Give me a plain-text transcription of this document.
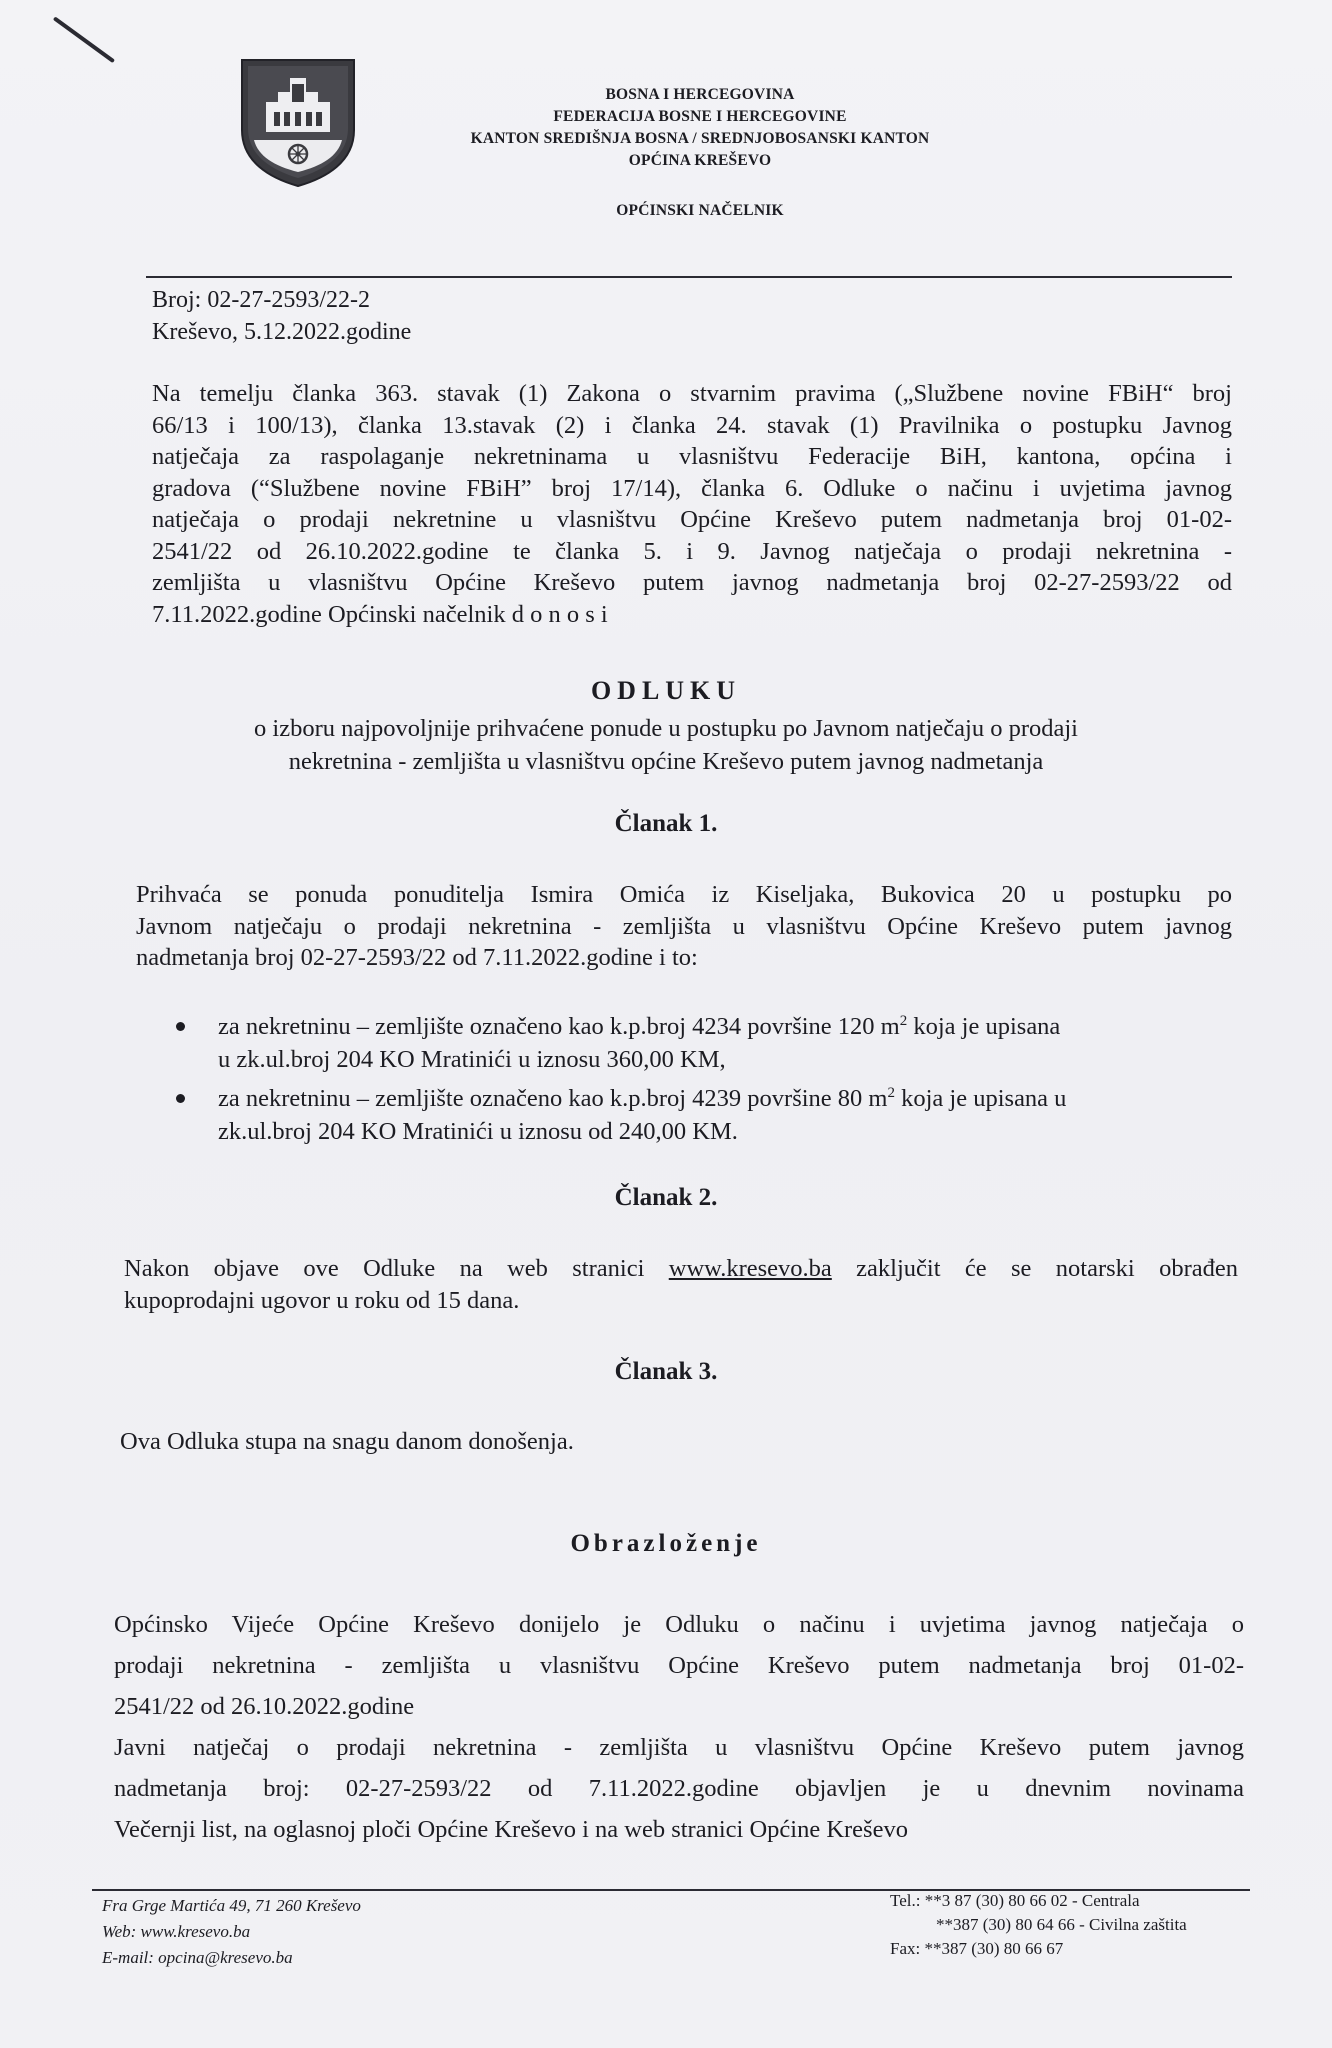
BOSNA I HERCEGOVINA
FEDERACIJA BOSNE I HERCEGOVINE
KANTON SREDIŠNJA BOSNA / SREDNJOBOSANSKI KANTON
OPĆINA KREŠEVO
OPĆINSKI NAČELNIK
Broj: 02-27-2593/22-2
Kreševo, 5.12.2022.godine
Na temelju članka 363. stavak (1) Zakona o stvarnim pravima („Službene novine FBiH“ broj
66/13 i 100/13), članka 13.stavak (2) i članka 24. stavak (1) Pravilnika o postupku Javnog
natječaja za raspolaganje nekretninama u vlasništvu Federacije BiH, kantona, općina i
gradova (“Službene novine FBiH” broj 17/14), članka 6. Odluke o načinu i uvjetima javnog
natječaja o prodaji nekretnine u vlasništvu Općine Kreševo putem nadmetanja broj 01-02-
2541/22 od 26.10.2022.godine te članka 5. i 9. Javnog natječaja o prodaji nekretnina -
zemljišta u vlasništvu Općine Kreševo putem javnog nadmetanja broj 02-27-2593/22 od
7.11.2022.godine Općinski načelnik d o n o s i
ODLUKU
o izboru najpovoljnije prihvaćene ponude u postupku po Javnom natječaju o prodaji
nekretnina - zemljišta u vlasništvu općine Kreševo putem javnog nadmetanja
Članak 1.
Prihvaća se ponuda ponuditelja Ismira Omića iz Kiseljaka, Bukovica 20 u postupku po
Javnom natječaju o prodaji nekretnina - zemljišta u vlasništvu Općine Kreševo putem javnog
nadmetanja broj 02-27-2593/22 od 7.11.2022.godine i to:
za nekretninu – zemljište označeno kao k.p.broj 4234 površine 120 $m^2$ koja je upisana
u zk.ul.broj 204 KO Mratinići u iznosu 360,00 KM,
za nekretninu – zemljište označeno kao k.p.broj 4239 površine 80 $m^2$ koja je upisana u
zk.ul.broj 204 KO Mratinići u iznosu od 240,00 KM.
Članak 2.
Nakon objave ove Odluke na web stranici www.kresevo.ba zaključit će se notarski obrađen
kupoprodajni ugovor u roku od 15 dana.
Članak 3.
Ova Odluka stupa na snagu danom donošenja.
Obrazloženje
Općinsko Vijeće Općine Kreševo donijelo je Odluku o načinu i uvjetima javnog natječaja o
prodaji nekretnina - zemljišta u vlasništvu Općine Kreševo putem nadmetanja broj 01-02-
2541/22 od 26.10.2022.godine
Javni natječaj o prodaji nekretnina - zemljišta u vlasništvu Općine Kreševo putem javnog
nadmetanja broj: 02-27-2593/22 od 7.11.2022.godine objavljen je u dnevnim novinama
Večernji list, na oglasnoj ploči Općine Kreševo i na web stranici Općine Kreševo
Fra Grge Martića 49, 71 260 Kreševo
Web: www.kresevo.ba
E-mail: opcina@kresevo.ba
Tel.: **3 87 (30) 80 66 02 - Centrala
**387 (30) 80 64 66 - Civilna zaštita
Fax: **387 (30) 80 66 67
